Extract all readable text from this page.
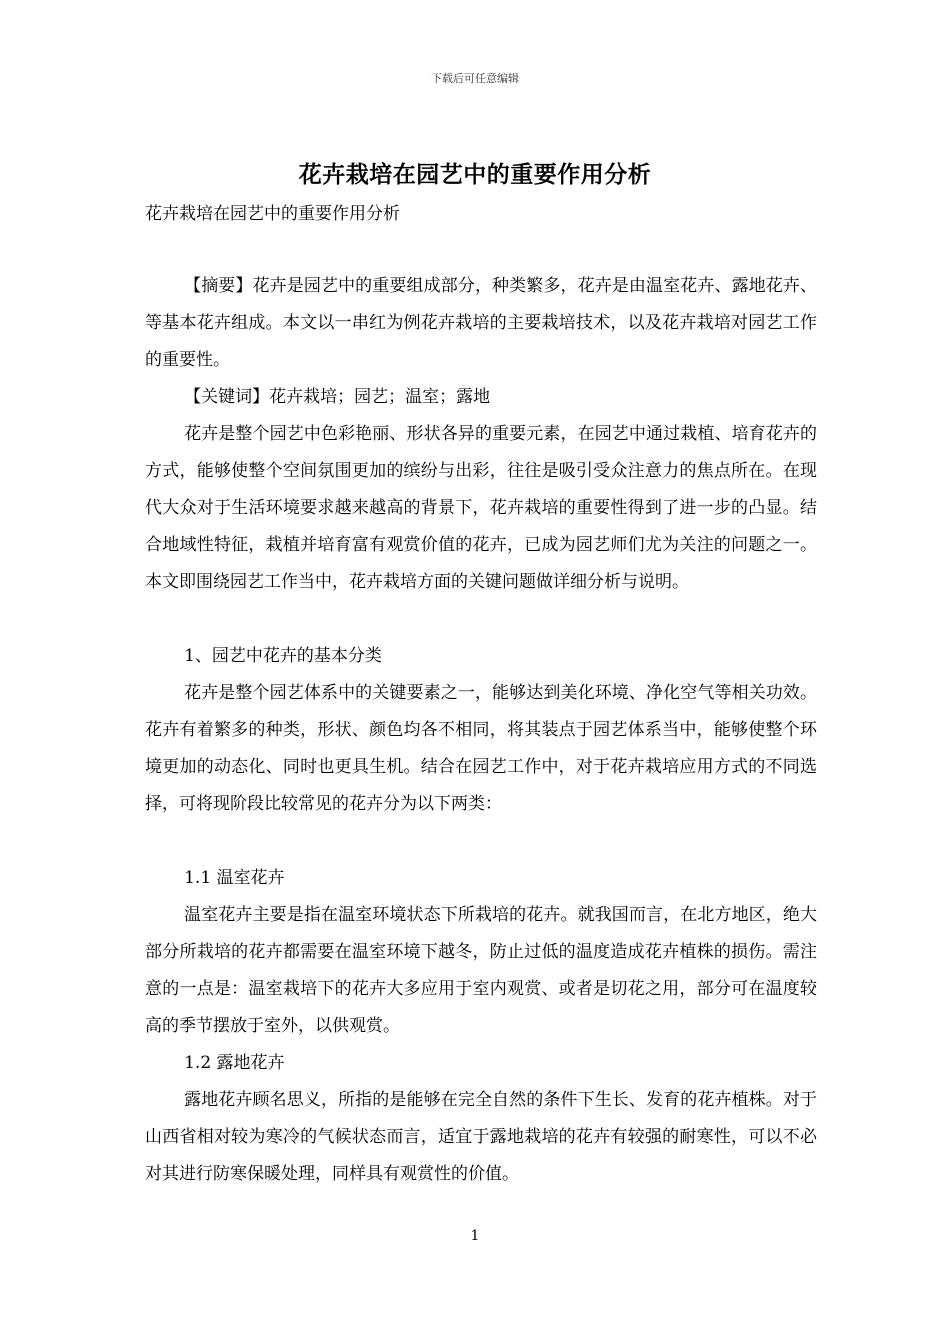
下载后可任意编辑
花卉栽培在园艺中的重要作用分析

花卉栽培在园艺中的重要作用分析

【摘要】花卉是园艺中的重要组成部分，种类繁多，花卉是由温室花卉、露地花卉、等基本花卉组成。本文以一串红为例花卉栽培的主要栽培技术，以及花卉栽培对园艺工作的重要性。

【关键词】花卉栽培；园艺；温室；露地

花卉是整个园艺中色彩艳丽、形状各异的重要元素，在园艺中通过栽植、培育花卉的方式，能够使整个空间氛围更加的缤纷与出彩，往往是吸引受众注意力的焦点所在。在现代大众对于生活环境要求越来越高的背景下，花卉栽培的重要性得到了进一步的凸显。结合地域性特征，栽植并培育富有观赏价值的花卉，已成为园艺师们尤为关注的问题之一。本文即围绕园艺工作当中，花卉栽培方面的关键问题做详细分析与说明。

1、园艺中花卉的基本分类

花卉是整个园艺体系中的关键要素之一，能够达到美化环境、净化空气等相关功效。花卉有着繁多的种类，形状、颜色均各不相同，将其装点于园艺体系当中，能够使整个环境更加的动态化、同时也更具生机。结合在园艺工作中，对于花卉栽培应用方式的不同选择，可将现阶段比较常见的花卉分为以下两类：

1.1 温室花卉

温室花卉主要是指在温室环境状态下所栽培的花卉。就我国而言，在北方地区，绝大部分所栽培的花卉都需要在温室环境下越冬，防止过低的温度造成花卉植株的损伤。需注意的一点是：温室栽培下的花卉大多应用于室内观赏、或者是切花之用，部分可在温度较高的季节摆放于室外，以供观赏。

1.2 露地花卉

露地花卉顾名思义，所指的是能够在完全自然的条件下生长、发育的花卉植株。对于山西省相对较为寒冷的气候状态而言，适宜于露地栽培的花卉有较强的耐寒性，可以不必对其进行防寒保暖处理，同样具有观赏性的价值。

1
